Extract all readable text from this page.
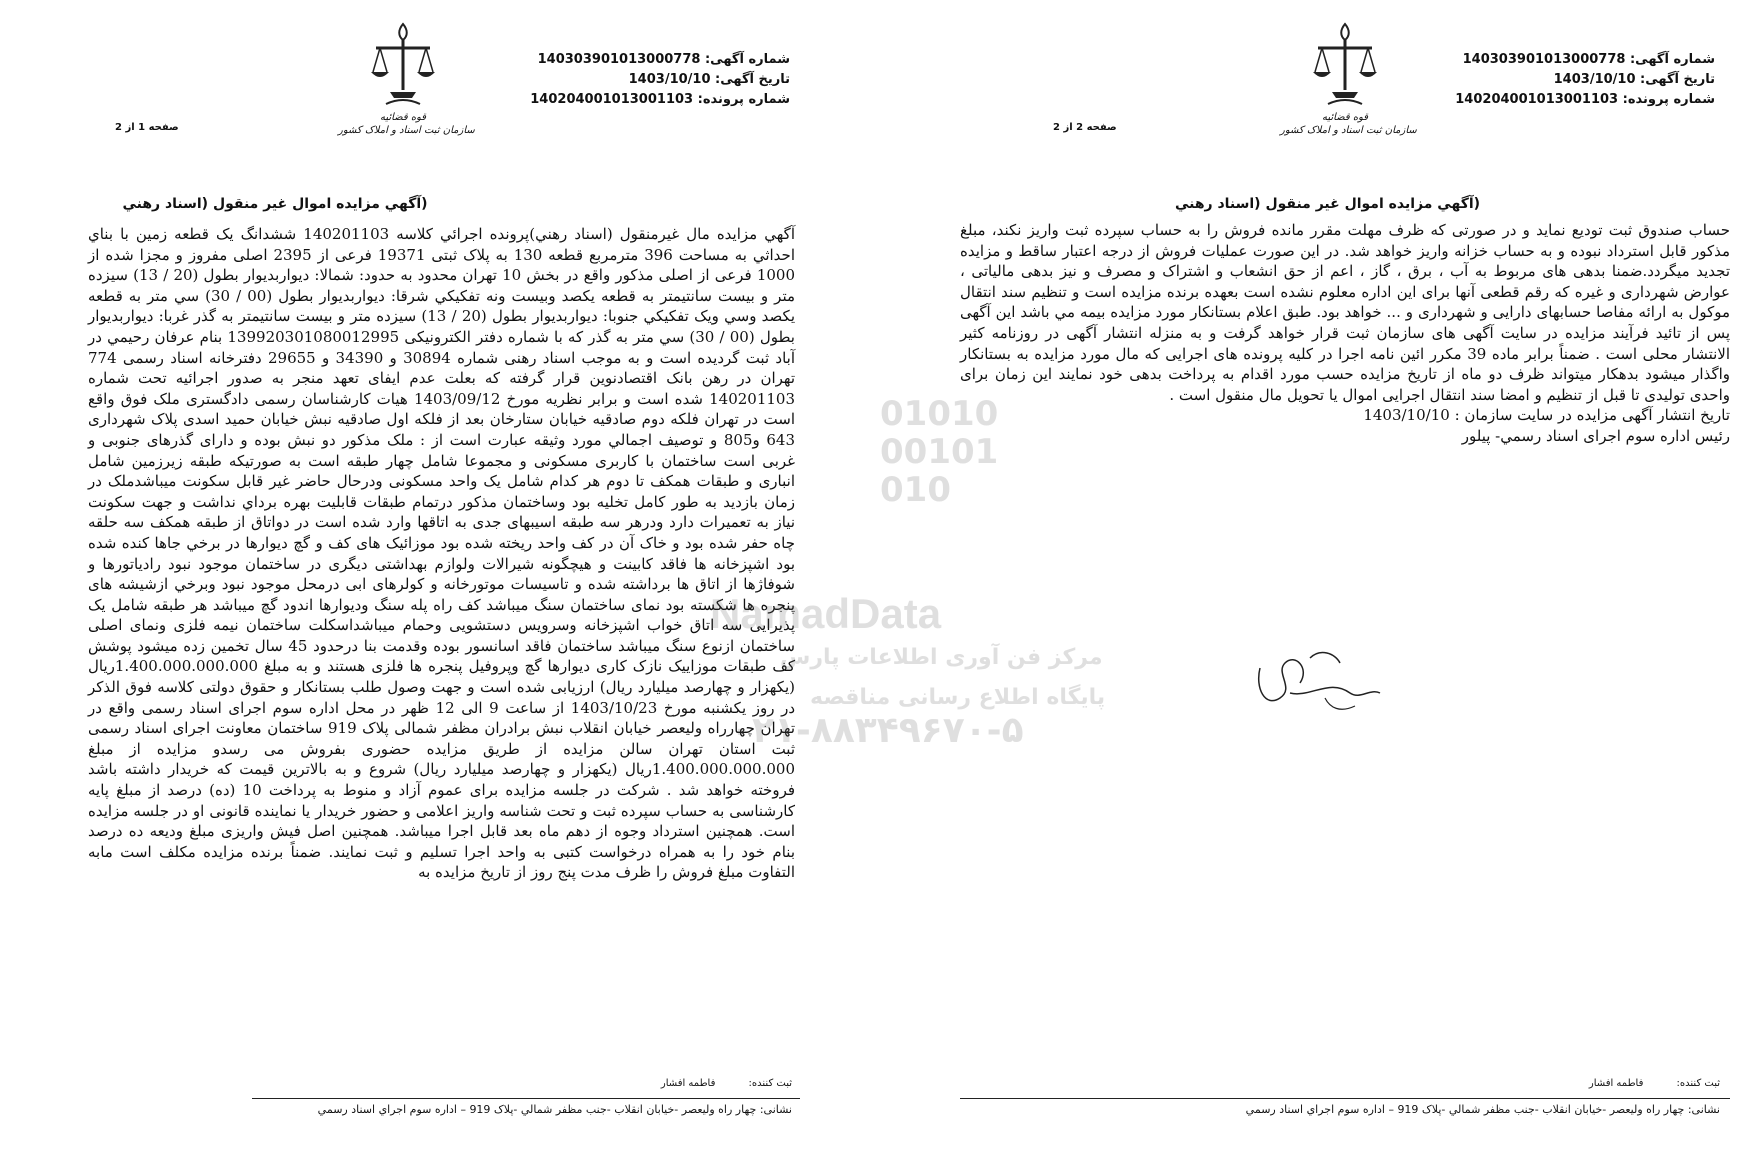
قوه قضائیه
سازمان ثبت اسناد و املاک کشور
شماره آگهی: 140303901013000778
تاریخ آگهی: 1403/10/10
شماره پرونده: 140204001013001103
صفحه 1 از 2
(آگهي مزايده اموال غير منقول (اسناد رهني
آگهي مزايده مال غيرمنقول (اسناد رهني)پرونده اجرائي كلاسه 140201103 ششدانگ يک قطعه زمين با بناي احداثي به مساحت 396 مترمربع قطعه 130 به پلاک ثبتی 19371 فرعی از 2395 اصلی مفروز و مجزا شده از 1000 فرعی از اصلی مذکور واقع در بخش 10 تهران محدود به حدود: شمالا: ديواربديوار بطول (20 / 13) سيزده متر و بيست سانتيمتر به قطعه يکصد وبيست ونه تفکيکي شرقا: ديواربديوار بطول (00 / 30) سي متر به قطعه يکصد وسي ويک تفکيکي جنوبا: ديواربديوار بطول (20 / 13) سيزده متر و بيست سانتيمتر به گذر غربا: ديواربديوار بطول (00 / 30) سي متر به گذر كه با شماره دفتر الكترونيكی 13992030108001299​5 بنام عرفان رحيمي در آباد ثبت گرديده است و به موجب اسناد رهنی شماره 30894 و 34390 و 29655 دفترخانه اسناد رسمی 774 تهران در رهن بانک اقتصادنوين قرار گرفته كه بعلت عدم ايفای تعهد منجر به صدور اجرائيه تحت شماره 140201103 شده است و برابر نظريه مورخ 1403/09/12 هيات كارشناسان رسمی دادگستری ملک فوق واقع است در تهران فلکه دوم صادقيه خيابان ستارخان بعد از فلکه اول صادقيه نبش خيابان حميد اسدی پلاک شهرداری 643 و805 و توصيف اجمالي مورد وثيقه عبارت است از : ملک مذکور دو نبش بوده و دارای گذرهای جنوبی و غربی است ساختمان با کاربری مسکونی و مجموعا شامل چهار طبقه است به صورتيکه طبقه زيرزمين شامل انباری و طبقات همکف تا دوم هر کدام شامل يک واحد مسکونی ودرحال حاضر غير قابل سکونت ميباشدملک در زمان بازديد به طور کامل تخليه بود وساختمان مذكور درتمام طبقات قابليت بهره برداي نداشت و جهت سکونت نياز به تعميرات دارد ودرهر سه طبقه اسيبهای جدی به اتاقها وارد شده است در دواتاق از طبقه همکف سه حلقه چاه حفر شده بود و خاک آن در کف واحد ريخته شده بود موزائيک های کف و گچ ديوارها در برخي جاها کنده شده بود اشپزخانه ها فاقد کابينت و هيچگونه شيرالات ولوازم بهداشتی ديگری در ساختمان موجود نبود رادياتورها و شوفاژها از اتاق ها برداشته شده و تاسيسات موتورخانه و کولرهای ابی درمحل موجود نبود وبرخي ازشيشه های پنجره ها شکسته بود نمای ساختمان سنگ ميباشد کف راه پله سنگ وديوارها اندود گچ ميباشد هر طبقه شامل يک پذيرايی سه اتاق خواب اشپزخانه وسرويس دستشويی وحمام ميباشداسکلت ساختمان نيمه فلزی ونمای اصلی ساختمان ازنوع سنگ ميباشد ساختمان فاقد اسانسور بوده وقدمت بنا درحدود 45 سال تخمين زده ميشود پوشش کف طبقات موزاييک نازک کاری ديوارها گچ وپروفيل پنجره ها فلزی هستند و به مبلغ 1.400.000.000.000ريال (يکهزار و چهارصد ميليارد ريال) ارزيابی شده است و جهت وصول طلب بستانكار و حقوق دولتی كلاسه فوق الذكر در روز يكشنبه مورخ 1403/10/23 از ساعت 9 الی 12 ظهر در محل اداره سوم اجرای اسناد رسمی واقع در تهران چهارراه وليعصر خيابان انقلاب نبش برادران مظفر شمالی پلاک 919 ساختمان معاونت اجرای اسناد رسمی ثبت استان تهران سالن مزايده از طريق مزايده حضوری بفروش می رسدو مزايده از مبلغ 1.400.000.000.000ريال (يكهزار و چهارصد ميليارد ريال) شروع و به بالاترين قيمت كه خريدار داشته باشد فروخته خواهد شد . شركت در جلسه مزايده برای عموم آزاد و منوط به پرداخت 10 (ده) درصد از مبلغ پايه كارشناسی به حساب سپرده ثبت و تحت شناسه واريز اعلامی و حضور خريدار يا نماينده قانونی او در جلسه مزايده است. همچنين استرداد وجوه از دهم ماه بعد قابل اجرا ميباشد. همچنين اصل فيش واريزی مبلغ وديعه ده درصد بنام خود را به همراه درخواست كتبی به واحد اجرا تسليم و ثبت نمايند. ضمناً برنده مزايده مكلف است مابه التفاوت مبلغ فروش را ظرف مدت پنج روز از تاريخ مزايده به
ثبت کننده: فاطمه افشار
نشانی: چهار راه وليعصر -خيابان انقلاب -جنب مظفر شمالي -پلاک 919 – اداره سوم اجراي اسناد رسمي
قوه قضائیه
سازمان ثبت اسناد و املاک کشور
شماره آگهی: 140303901013000778
تاریخ آگهی: 1403/10/10
شماره پرونده: 140204001013001103
صفحه 2 از 2
(آگهي مزايده اموال غير منقول (اسناد رهني
حساب صندوق ثبت توديع نمايد و در صورتی كه ظرف مهلت مقرر مانده فروش را به حساب سپرده ثبت واريز نكند، مبلغ مذكور قابل استرداد نبوده و به حساب خزانه واريز خواهد شد. در اين صورت عمليات فروش از درجه اعتبار ساقط و مزايده تجديد ميگردد.ضمنا بدهی های مربوط به آب ، برق ، گاز ، اعم از حق انشعاب و اشتراک و مصرف و نيز بدهی مالياتی ، عوارض شهرداری و غيره كه رقم قطعی آنها برای اين اداره معلوم نشده است بعهده برنده مزايده است و تنظيم سند انتقال موكول به ارائه مفاصا حسابهای دارايی و شهرداری و ... خواهد بود. طبق اعلام بستانكار مورد مزايده بيمه مي باشد اين آگهی پس از تائيد فرآيند مزايده در سايت آگهی های سازمان ثبت قرار خواهد گرفت و به منزله انتشار آگهی در روزنامه كثير الانتشار محلی است . ضمناً برابر ماده 39 مكرر ائين نامه اجرا در كليه پرونده های اجرايی كه مال مورد مزايده به بستانكار واگذار ميشود بدهكار ميتواند ظرف دو ماه از تاريخ مزايده حسب مورد اقدام به پرداخت بدهی خود نمايند اين زمان برای واحدی توليدی تا قبل از تنظيم و امضا سند انتقال اجرايی اموال يا تحويل مال منقول است .
تاريخ انتشار آگهی مزايده در سايت سازمان : 1403/10/10
رئيس اداره سوم اجرای اسناد رسمي- پيلور
ثبت کننده: فاطمه افشار
نشانی: چهار راه وليعصر -خيابان انقلاب -جنب مظفر شمالي -پلاک 919 – اداره سوم اجراي اسناد رسمي
0101000101010
NamadData
مرکز فن آوری اطلاعات پارس
پایگاه اطلاع رسانی مناقصه
۰۲۱-۸۸۳۴۹۶۷۰-۵
